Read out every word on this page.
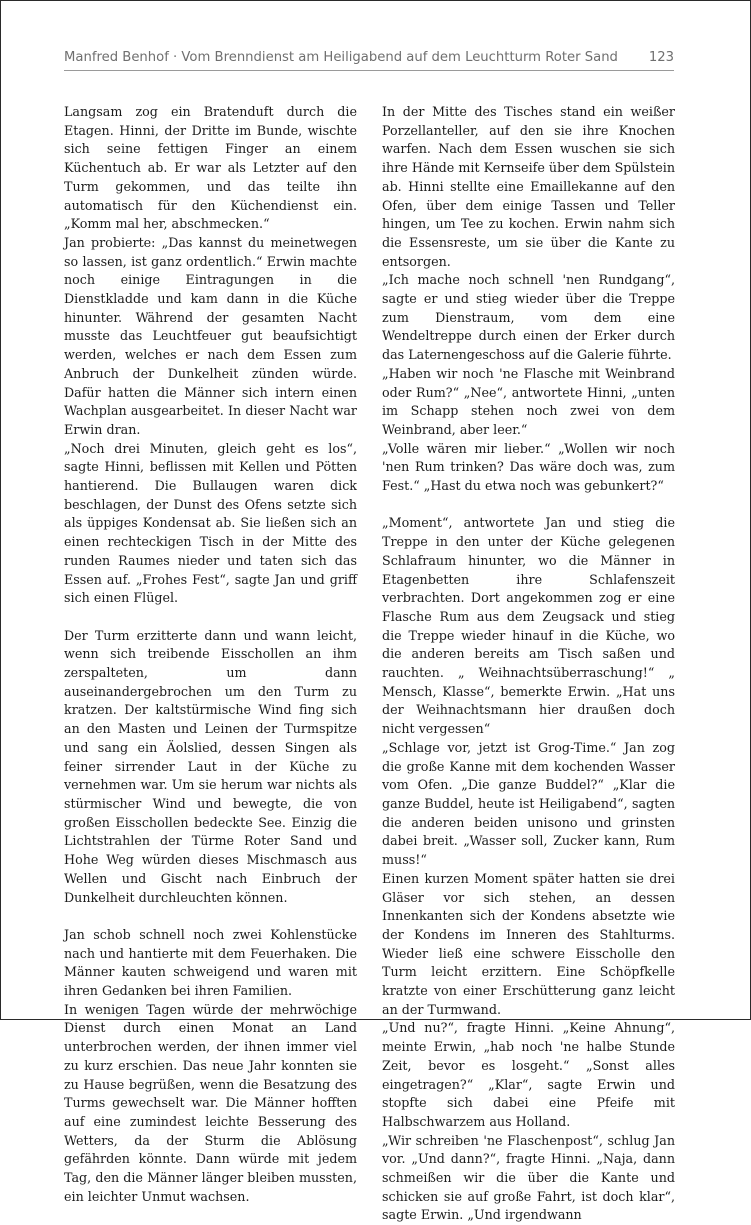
Manfred Benhof · Vom Brenndienst am Heiligabend auf dem Leuchtturm Roter Sand 123

Langsam zog ein Bratenduft durch die Etagen. Hinni, der Dritte im Bunde, wischte sich seine fettigen Finger an einem Küchentuch ab. Er war als Letzter auf den Turm gekommen, und das teilte ihn automatisch für den Küchendienst ein. „Komm mal her, abschmecken.“

Jan probierte: „Das kannst du meinetwegen so lassen, ist ganz ordentlich.“ Erwin machte noch einige Eintragungen in die Dienstkladde und kam dann in die Küche hinunter. Während der gesamten Nacht musste das Leuchtfeuer gut beaufsichtigt werden, welches er nach dem Essen zum Anbruch der Dunkelheit zünden würde. Dafür hatten die Männer sich intern einen Wachplan ausgearbeitet. In dieser Nacht war Erwin dran.

„Noch drei Minuten, gleich geht es los“, sagte Hinni, beflissen mit Kellen und Pötten hantierend. Die Bullaugen waren dick beschlagen, der Dunst des Ofens setzte sich als üppiges Kondensat ab. Sie ließen sich an einen rechteckigen Tisch in der Mitte des runden Raumes nieder und taten sich das Essen auf. „Frohes Fest“, sagte Jan und griff sich einen Flügel.

Der Turm erzitterte dann und wann leicht, wenn sich treibende Eisschollen an ihm zerspalteten, um dann auseinandergebrochen um den Turm zu kratzen. Der kaltstürmische Wind fing sich an den Masten und Leinen der Turmspitze und sang ein Äolslied, dessen Singen als feiner sirrender Laut in der Küche zu vernehmen war. Um sie herum war nichts als stürmischer Wind und bewegte, die von großen Eisschollen bedeckte See. Einzig die Lichtstrahlen der Türme Roter Sand und Hohe Weg würden dieses Mischmasch aus Wellen und Gischt nach Einbruch der Dunkelheit durchleuchten können.

Jan schob schnell noch zwei Kohlenstücke nach und hantierte mit dem Feuerhaken. Die Männer kauten schweigend und waren mit ihren Gedanken bei ihren Familien.

In wenigen Tagen würde der mehrwöchige Dienst durch einen Monat an Land unterbrochen werden, der ihnen immer viel zu kurz erschien. Das neue Jahr konnten sie zu Hause begrüßen, wenn die Besatzung des Turms gewechselt war. Die Männer hofften auf eine zumindest leichte Besserung des Wetters, da der Sturm die Ablösung gefährden könnte. Dann würde mit jedem Tag, den die Männer länger bleiben mussten, ein leichter Unmut wachsen.

In der Mitte des Tisches stand ein weißer Porzellanteller, auf den sie ihre Knochen warfen. Nach dem Essen wuschen sie sich ihre Hände mit Kernseife über dem Spülstein ab. Hinni stellte eine Emaillekanne auf den Ofen, über dem einige Tassen und Teller hingen, um Tee zu kochen. Erwin nahm sich die Essensreste, um sie über die Kante zu entsorgen.

„Ich mache noch schnell 'nen Rundgang“, sagte er und stieg wieder über die Treppe zum Dienstraum, vom dem eine Wendeltreppe durch einen der Erker durch das Laternengeschoss auf die Galerie führte.

„Haben wir noch 'ne Flasche mit Weinbrand oder Rum?“ „Nee“, antwortete Hinni, „unten im Schapp stehen noch zwei von dem Weinbrand, aber leer.“

„Volle wären mir lieber.“ „Wollen wir noch 'nen Rum trinken? Das wäre doch was, zum Fest.“ „Hast du etwa noch was gebunkert?“

„Moment“, antwortete Jan und stieg die Treppe in den unter der Küche gelegenen Schlafraum hinunter, wo die Männer in Etagenbetten ihre Schlafenszeit verbrachten. Dort angekommen zog er eine Flasche Rum aus dem Zeugsack und stieg die Treppe wieder hinauf in die Küche, wo die anderen bereits am Tisch saßen und rauchten. „ Weihnachtsüberraschung!“ „ Mensch, Klasse“, bemerkte Erwin. „Hat uns der Weihnachtsmann hier draußen doch nicht vergessen“

„Schlage vor, jetzt ist Grog-Time.“ Jan zog die große Kanne mit dem kochenden Wasser vom Ofen. „Die ganze Buddel?“ „Klar die ganze Buddel, heute ist Heiligabend“, sagten die anderen beiden unisono und grinsten dabei breit. „Wasser soll, Zucker kann, Rum muss!“

Einen kurzen Moment später hatten sie drei Gläser vor sich stehen, an dessen Innenkanten sich der Kondens absetzte wie der Kondens im Inneren des Stahlturms. Wieder ließ eine schwere Eisscholle den Turm leicht erzittern. Eine Schöpfkelle kratzte von einer Erschütterung ganz leicht an der Turmwand.

„Und nu?“, fragte Hinni. „Keine Ahnung“, meinte Erwin, „hab noch 'ne halbe Stunde Zeit, bevor es losgeht.“ „Sonst alles eingetragen?“ „Klar“, sagte Erwin und stopfte sich dabei eine Pfeife mit Halbschwarzem aus Holland.

„Wir schreiben 'ne Flaschenpost“, schlug Jan vor. „Und dann?“, fragte Hinni. „Naja, dann schmeißen wir die über die Kante und schicken sie auf große Fahrt, ist doch klar“, sagte Erwin. „Und irgendwann
